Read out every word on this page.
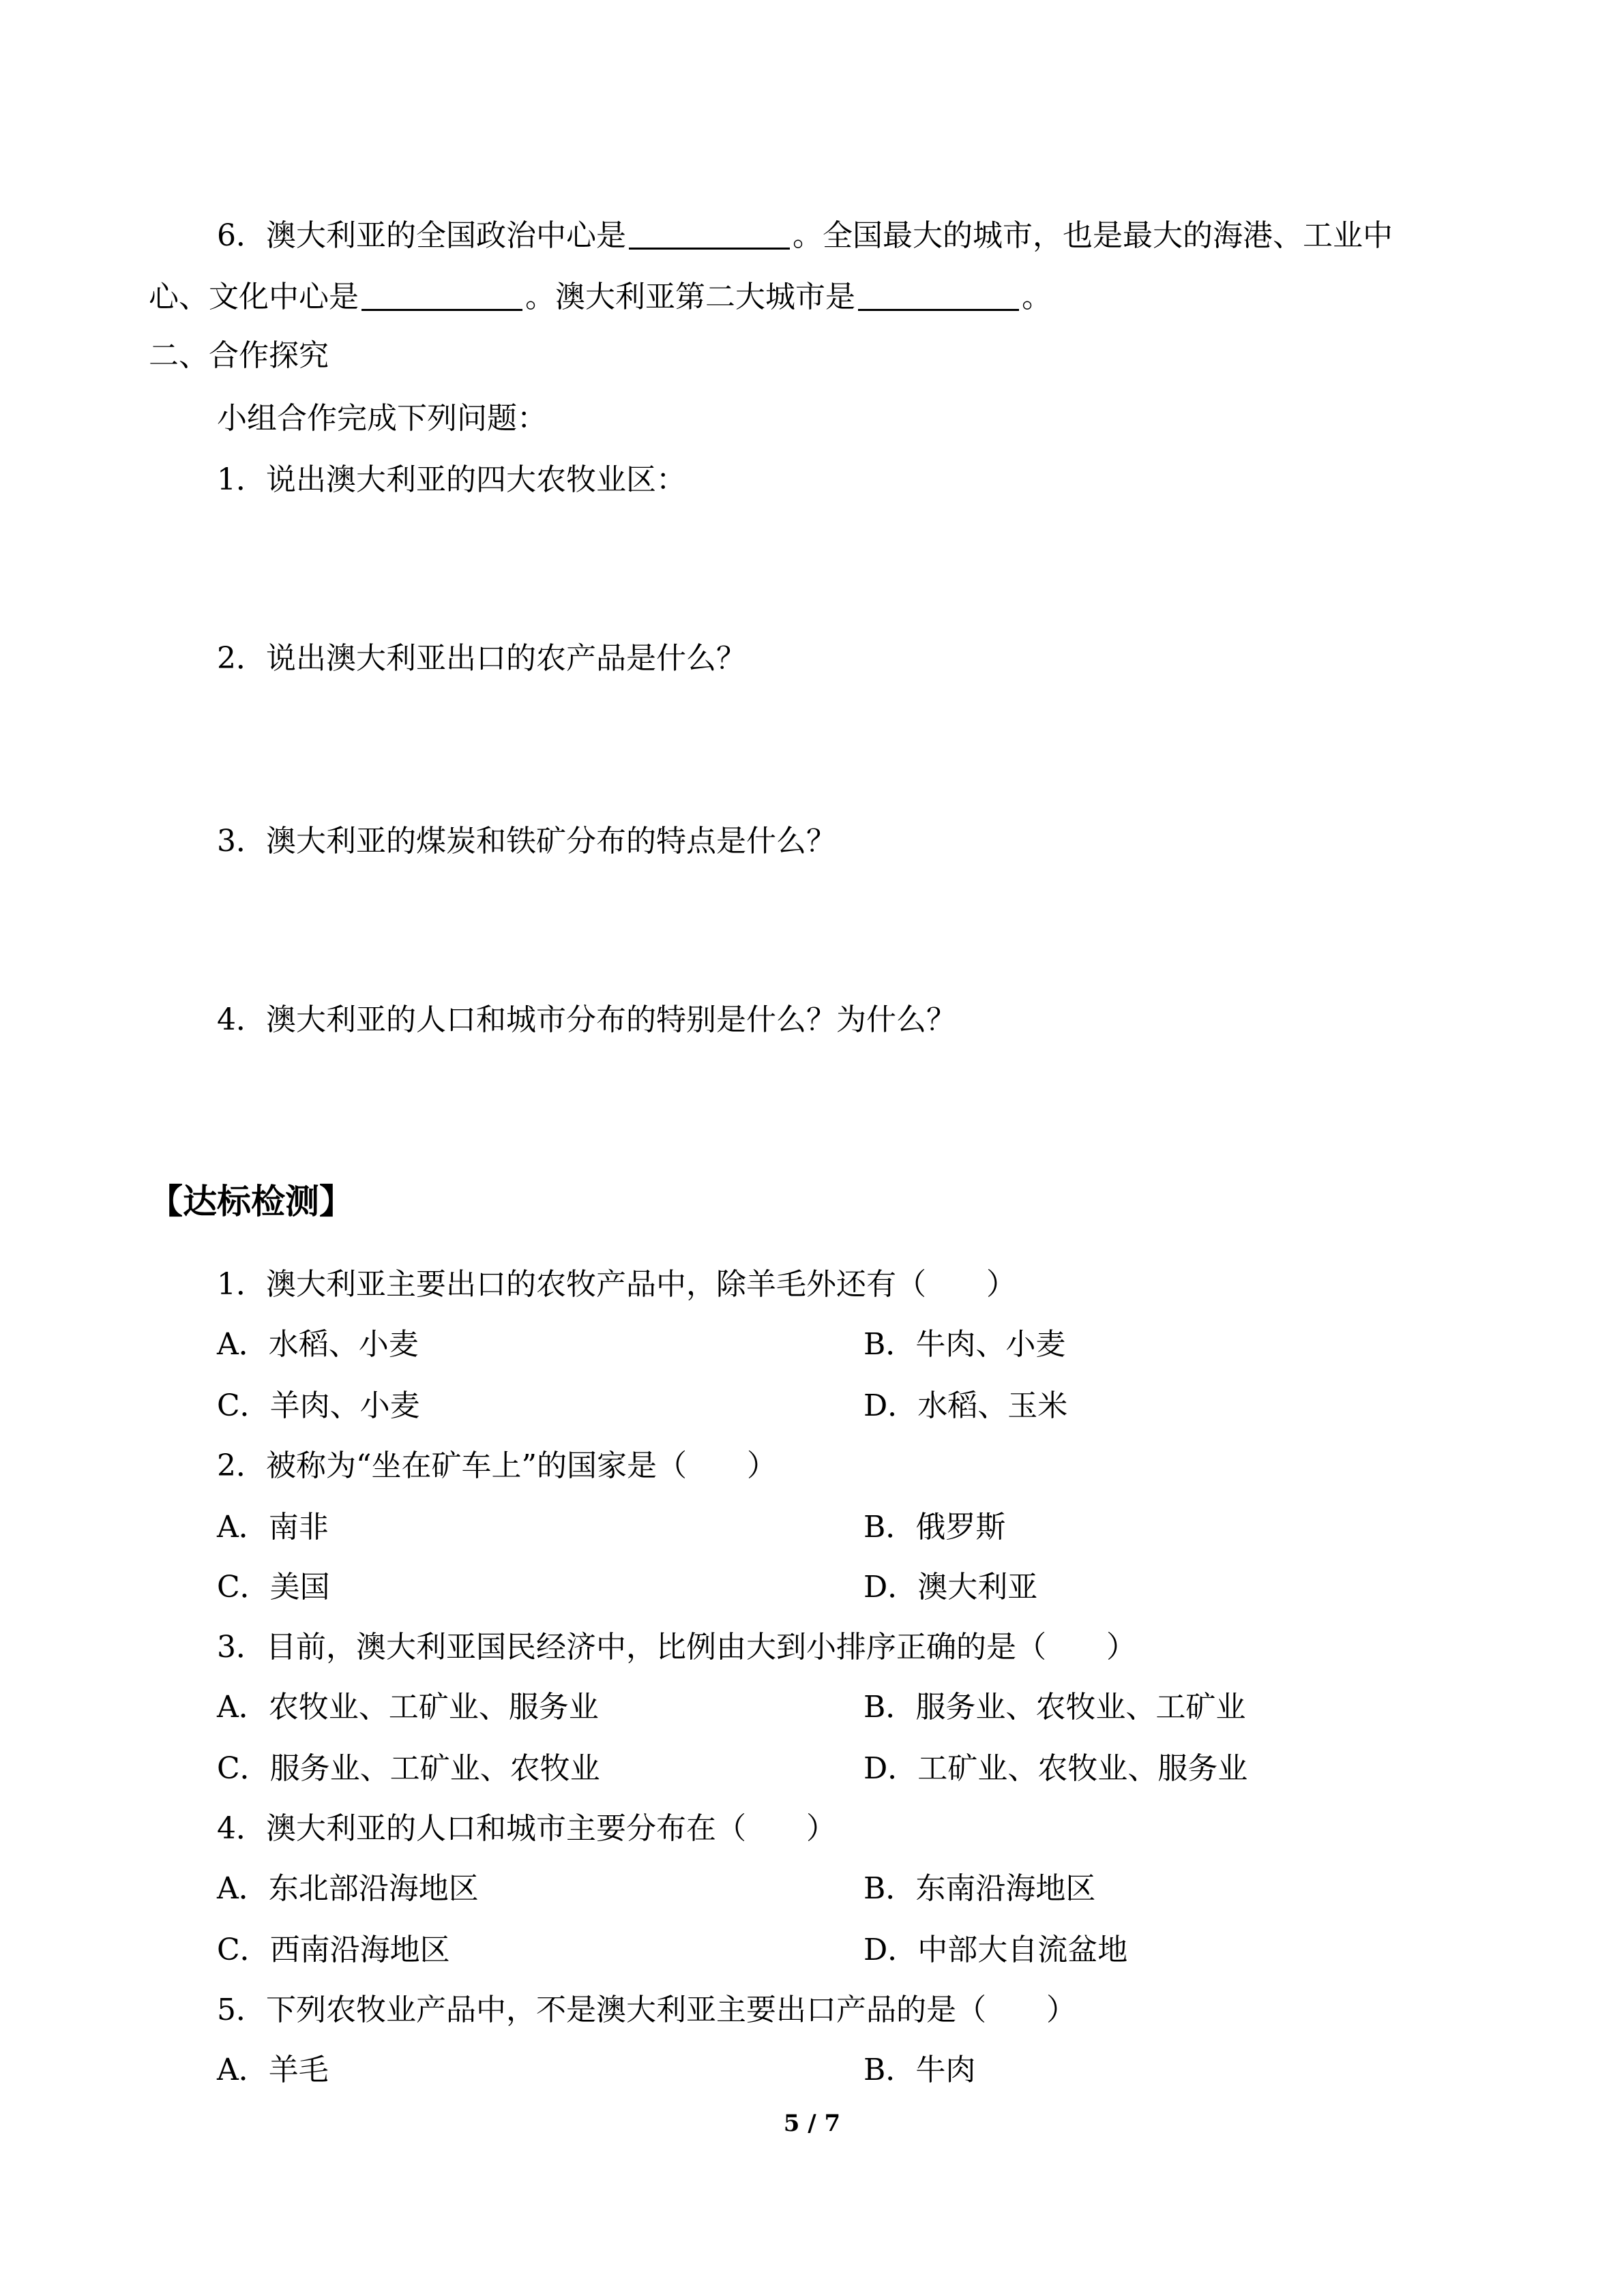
6．澳大利亚的全国政治中心是	。全国最大的城市，也是最大的海港、工业中
心、文化中心是	。澳大利亚第二大城市是	。
二、合作探究
小组合作完成下列问题：
1．说出澳大利亚的四大农牧业区：
2．说出澳大利亚出口的农产品是什么？
3．澳大利亚的煤炭和铁矿分布的特点是什么？
4．澳大利亚的人口和城市分布的特别是什么？为什么？
【达标检测】
1．澳大利亚主要出口的农牧产品中，除羊毛外还有（　　）
A．水稻、小麦	B．牛肉、小麦
C．羊肉、小麦	D．水稻、玉米
2．被称为“坐在矿车上”的国家是（　　）
A．南非	B．俄罗斯
C．美国	D．澳大利亚
3．目前，澳大利亚国民经济中，比例由大到小排序正确的是（　　）
A．农牧业、工矿业、服务业	B．服务业、农牧业、工矿业
C．服务业、工矿业、农牧业	D．工矿业、农牧业、服务业
4．澳大利亚的人口和城市主要分布在（　　）
A．东北部沿海地区	B．东南沿海地区
C．西南沿海地区	D．中部大自流盆地
5．下列农牧业产品中，不是澳大利亚主要出口产品的是（　　）
A．羊毛	B．牛肉
5 / 7
